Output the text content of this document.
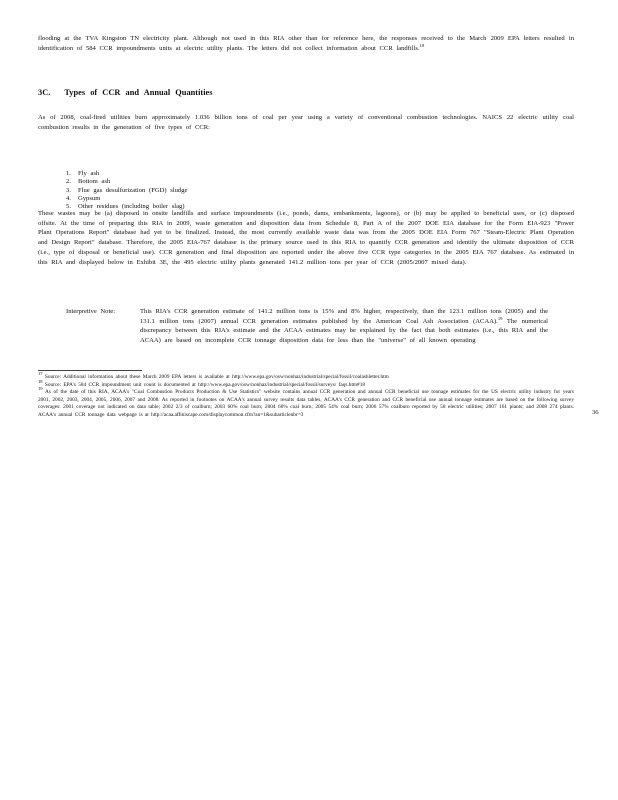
flooding at the TVA Kingston TN electricity plant. Although not used in this RIA other than for reference here, the responses received to the March 2009 EPA letters resulted in identification of 584 CCR impoundments units at electric utility plants. The letters did not collect information about CCR landfills.$^{18}$
3C. Types of CCR and Annual Quantities
As of 2008, coal-fired utilities burn approximately 1.036 billion tons of coal per year using a variety of conventional combustion technologies. NAICS 22 electric utility coal combustion results in the generation of five types of CCR:
1. Fly ash
2. Bottom ash
3. Flue gas desulfurization (FGD) sludge
4. Gypsum
5. Other residues (including boiler slag)
These wastes may be (a) disposed in onsite landfills and surface impoundments (i.e., ponds, dams, embankments, lagoons), or (b) may be applied to beneficial uses, or (c) disposed offsite. At the time of preparing this RIA in 2009, waste generation and disposition data from Schedule 8, Part A of the 2007 DOE EIA database for the Form EIA-923 "Power Plant Operations Report" database had yet to be finalized. Instead, the most currently available waste data was from the 2005 DOE EIA Form 767 "Steam-Electric Plant Operation and Design Report" database. Therefore, the 2005 EIA-767 database is the primary source used in this RIA to quantify CCR generation and identify the ultimate disposition of CCR (i.e., type of disposal or beneficial use). CCR generation and final disposition are reported under the above five CCR type categories in the 2005 EIA 767 database. As estimated in this RIA and displayed below in Exhibit 3E, the 495 electric utility plants generated 141.2 million tons per year of CCR (2005/2007 mixed data).
Interpretive Note:	This RIA's CCR generation estimate of 141.2 million tons is 15% and 8% higher, respectively, than the 123.1 million tons (2005) and the 131.1 million tons (2007) annual CCR generation estimates published by the American Coal Ash Association (ACAA).$^{19}$ The numerical discrepancy between this RIA's estimate and the ACAA estimates may be explained by the fact that both estimates (i.e., this RIA and the ACAA) are based on incomplete CCR tonnage disposition data for less than the "universe" of all known operating
$^{17}$ Source: Additional information about these March 2009 EPA letters is available at http://www.epa.gov/osw/nonhaz/industrial/special/fossil/coalashletter.htm
$^{18}$ Source: EPA's 584 CCR impoundment unit count is documented at http://www.epa.gov/osw/nonhaz/industrial/special/fossil/surveys/ faqs.htm#18
$^{19}$ As of the date of this RIA, ACAA's "Coal Combustion Products Production & Use Statistics" website contains annual CCR generation and annual CCR beneficial use tonnage estimates for the US electric utility industry for years 2001, 2002, 2003, 2004, 2005, 2006, 2007 and 2008. As reported in footnotes on ACAA's annual survey results data tables, ACAA's CCR generation and CCR beneficial use annual tonnage estimates are based on the following survey coverages: 2001 coverage not indicated on data table; 2002 2/3 of coalburn; 2003 60% coal burn; 2004 60% coal burn; 2005 54% coal burn; 2006 57% coalburn reported by 58 electric utilities; 2007 161 plants; and 2008 274 plants. ACAA's annual CCR tonnage data webpage is at http://acaa.affiniscape.com/displaycommon.cfm?an=1&subarticlenbr=3	36
